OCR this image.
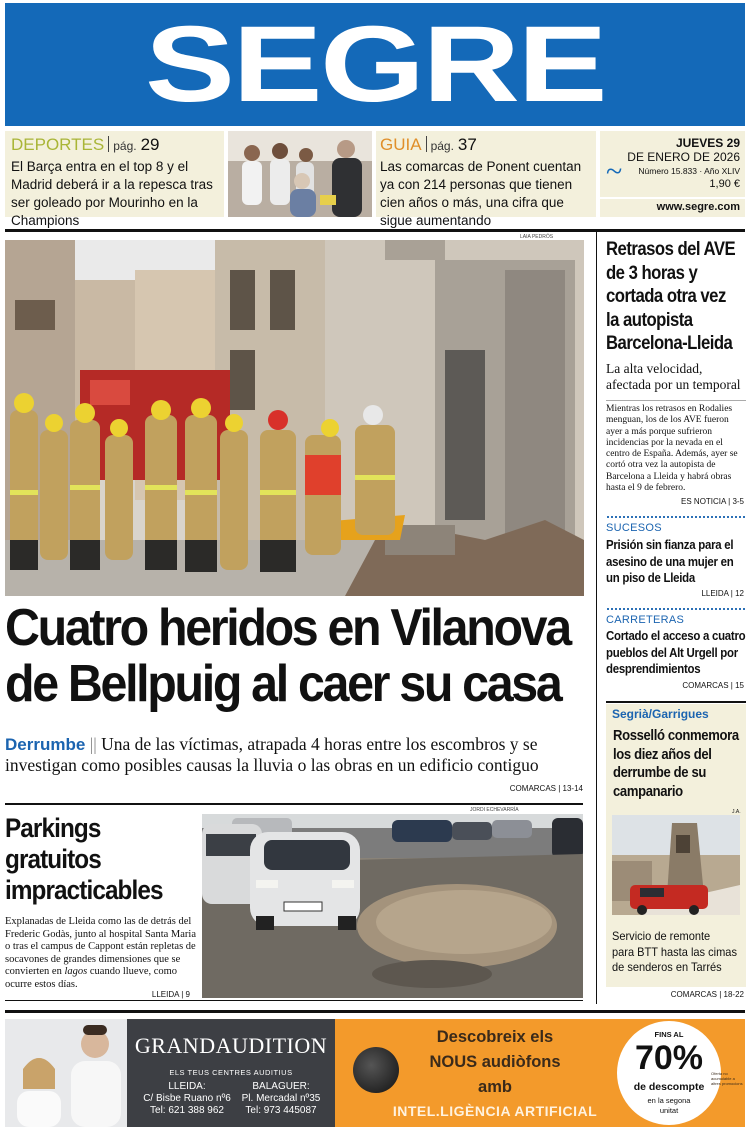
SEGRE
DEPORTES pág. 29
El Barça entra en el top 8 y el Madrid deberá ir a la repesca tras ser goleado por Mourinho en la Champions
GUIA pág. 37
Las comarcas de Ponent cuentan ya con 214 personas que tienen cien años o más, una cifra que sigue aumentando
~
JUEVES 29
DE ENERO DE 2026
Número 15.833 · Año XLIV
1,90 €
www.segre.com
LAIA PEDRÓS
Cuatro heridos en Vilanova
de Bellpuig al caer su casa
Derrumbe || Una de las víctimas, atrapada 4 horas entre los escombros y se investigan como posibles causas la lluvia o las obras en un edificio contiguo
COMARCAS | 13-14
Parkings
gratuitos
impracticables
Explanadas de Lleida como las de detrás del Frederic Godàs, junto al hospital Santa Maria o tras el campus de Cappont están repletas de socavones de grandes dimensiones que se convierten en lagos cuando llueve, como ocurre estos días.
LLEIDA | 9
JORDI ECHEVARRÍA
Retrasos del AVE
de 3 horas y
cortada otra vez
la autopista
Barcelona-Lleida
La alta velocidad,
afectada por un temporal
Mientras los retrasos en Rodalies menguan, los de los AVE fueron ayer a más porque sufrieron incidencias por la nevada en el centro de España. Además, ayer se cortó otra vez la autopista de Barcelona a Lleida y habrá obras hasta el 9 de febrero.
ES NOTICIA | 3-5
SUCESOS
Prisión sin fianza para el
asesino de una mujer en
un piso de Lleida
LLEIDA | 12
CARRETERAS
Cortado el acceso a cuatro
pueblos del Alt Urgell por
desprendimientos
COMARCAS | 15
Segrià/Garrigues
Rosselló conmemora
los diez años del
derrumbe de su
campanario
J.A.
Servicio de remonte
para BTT hasta las cimas
de senderos en Tarrés
COMARCAS | 18-22
GRANDAUDITION
ELS TEUS CENTRES AUDITIUS
LLEIDA:
C/ Bisbe Ruano nº6
Tel: 621 388 962
BALAGUER:
Pl. Mercadal nº35
Tel: 973 445087
Descobreix els
NOUS audiòfons
amb
INTEL.LIGÈNCIA ARTIFICIAL
FINS AL
70%
de descompte
en la segona
unitat
Oferta no acumulable a altres promocions
